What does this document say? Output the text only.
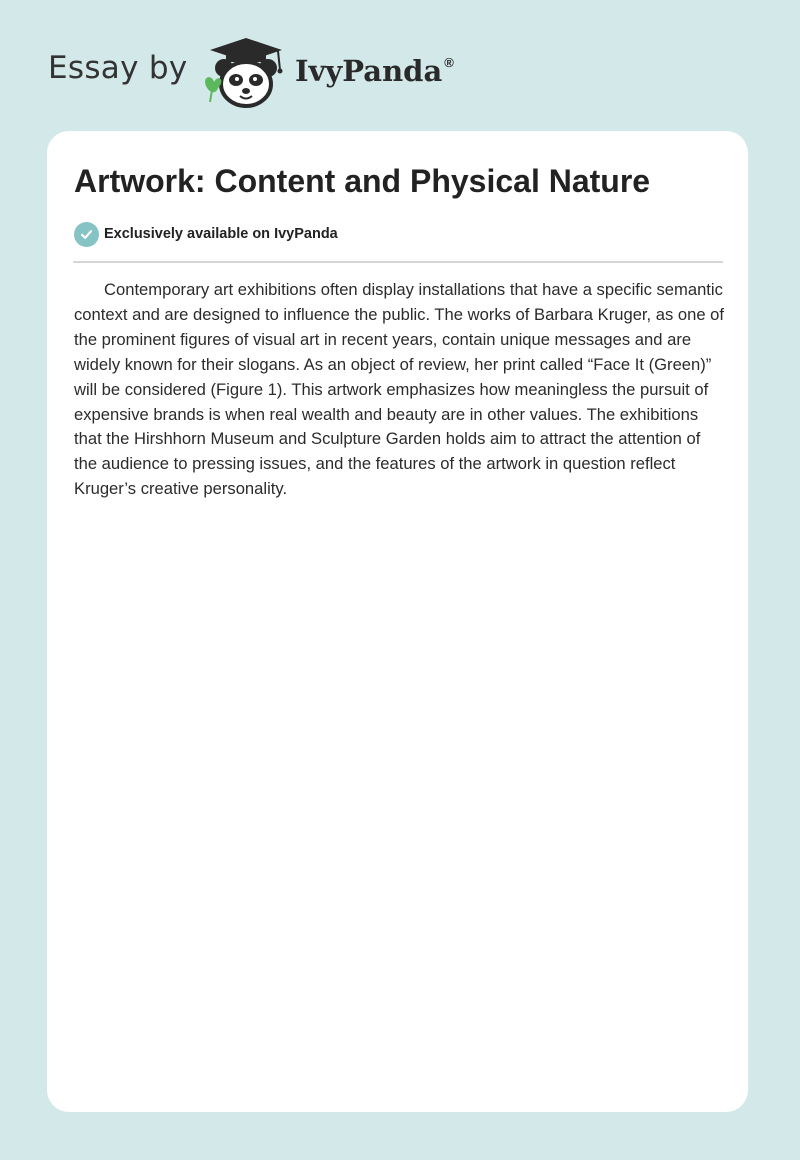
Essay by	IvyPanda ®
Artwork: Content and Physical Nature
Exclusively available on IvyPanda

Contemporary art exhibitions often display installations that have a specific semantic context and are designed to influence the public. The works of Barbara Kruger, as one of the prominent figures of visual art in recent years, contain unique messages and are widely known for their slogans. As an object of review, her print called “Face It (Green)” will be considered (Figure 1). This artwork emphasizes how meaningless the pursuit of expensive brands is when real wealth and beauty are in other values. The exhibitions that the Hirshhorn Museum and Sculpture Garden holds aim to attract the attention of the audience to pressing issues, and the features of the artwork in question reflect Kruger’s creative personality.
